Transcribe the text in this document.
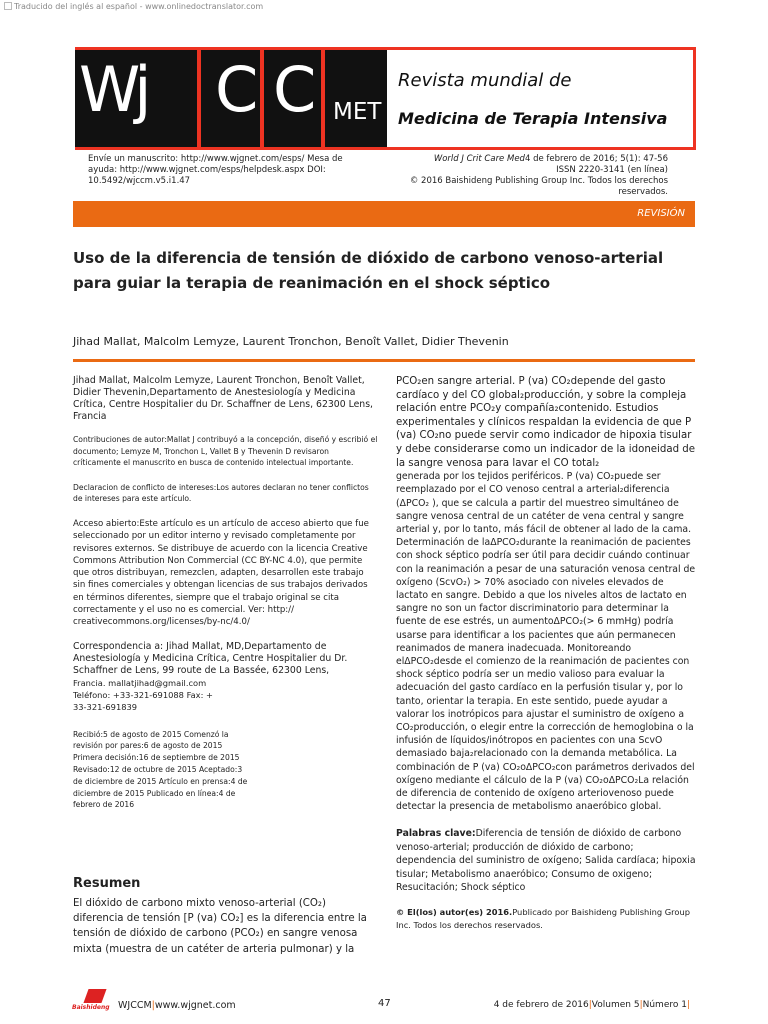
Traducido del inglés al español - www.onlinedoctranslator.com
Wj C C MET
Revista mundial de
Medicina de Terapia Intensiva
Envíe un manuscrito: http://www.wjgnet.com/esps/ Mesa de ayuda: http://www.wjgnet.com/esps/helpdesk.aspx DOI: 10.5492/wjccm.v5.i1.47
World J Crit Care Med4 de febrero de 2016; 5(1): 47-56
ISSN 2220-3141 (en línea)
© 2016 Baishideng Publishing Group Inc. Todos los derechos reservados.
REVISIÓN
Uso de la diferencia de tensión de dióxido de carbono venoso-arterial para guiar la terapia de reanimación en el shock séptico
Jihad Mallat, Malcolm Lemyze, Laurent Tronchon, Benoît Vallet, Didier Thevenin

Jihad Mallat, Malcolm Lemyze, Laurent Tronchon, Benoît Vallet, Didier Thevenin,Departamento de Anestesiología y Medicina Crítica, Centre Hospitalier du Dr. Schaffner de Lens, 62300 Lens, Francia

Contribuciones de autor:Mallat J contribuyó a la concepción, diseñó y escribió el documento; Lemyze M, Tronchon L, Vallet B y Thevenin D revisaron críticamente el manuscrito en busca de contenido intelectual importante.

Declaracion de conflicto de intereses:Los autores declaran no tener conflictos de intereses para este artículo.

Acceso abierto:Este artículo es un artículo de acceso abierto que fue seleccionado por un editor interno y revisado completamente por revisores externos. Se distribuye de acuerdo con la licencia Creative Commons Attribution Non Commercial (CC BY-NC 4.0), que permite que otros distribuyan, remezclen, adapten, desarrollen este trabajo sin fines comerciales y obtengan licencias de sus trabajos derivados en términos diferentes, siempre que el trabajo original se cita correctamente y el uso no es comercial. Ver: http:// creativecommons.org/licenses/by-nc/4.0/

Correspondencia a: Jihad Mallat, MD,Departamento de Anestesiología y Medicina Crítica, Centre Hospitalier du Dr. Schaffner de Lens, 99 route de La Bassée, 62300 Lens,

Francia. mallatjihad@gmail.com

Teléfono: +33-321-691088 Fax: +

33-321-691839

Recibió:5 de agosto de 2015 Comenzó la revisión por pares:6 de agosto de 2015 Primera decisión:16 de septiembre de 2015 Revisado:12 de octubre de 2015 Aceptado:3 de diciembre de 2015 Artículo en prensa:4 de diciembre de 2015 Publicado en línea:4 de febrero de 2016

Resumen

El dióxido de carbono mixto venoso-arterial (CO₂) diferencia de tensión [P (va) CO₂] es la diferencia entre la tensión de dióxido de carbono (PCO₂) en sangre venosa mixta (muestra de un catéter de arteria pulmonar) y la

PCO₂en sangre arterial. P (va) CO₂depende del gasto cardíaco y del CO global₂producción, y sobre la compleja relación entre PCO₂y compañía₂contenido. Estudios experimentales y clínicos respaldan la evidencia de que P (va) CO₂no puede servir como indicador de hipoxia tisular y debe considerarse como un indicador de la idoneidad de la sangre venosa para lavar el CO total₂

generada por los tejidos periféricos. P (va) CO₂puede ser reemplazado por el CO venoso central a arterial₂diferencia (ΔPCO₂ ), que se calcula a partir del muestreo simultáneo de sangre venosa central de un catéter de vena central y sangre arterial y, por lo tanto, más fácil de obtener al lado de la cama. Determinación de laΔPCO₂durante la reanimación de pacientes con shock séptico podría ser útil para decidir cuándo continuar con la reanimación a pesar de una saturación venosa central de oxígeno (ScvO₂) > 70% asociado con niveles elevados de lactato en sangre. Debido a que los niveles altos de lactato en sangre no son un factor discriminatorio para determinar la fuente de ese estrés, un aumentoΔPCO₂(> 6 mmHg) podría usarse para identificar a los pacientes que aún permanecen reanimados de manera inadecuada. Monitoreando elΔPCO₂desde el comienzo de la reanimación de pacientes con shock séptico podría ser un medio valioso para evaluar la adecuación del gasto cardíaco en la perfusión tisular y, por lo tanto, orientar la terapia. En este sentido, puede ayudar a valorar los inotrópicos para ajustar el suministro de oxígeno a CO₂producción, o elegir entre la corrección de hemoglobina o la infusión de líquidos/inótropos en pacientes con una ScvO demasiado baja₂relacionado con la demanda metabólica. La combinación de P (va) CO₂oΔPCO₂con parámetros derivados del oxígeno mediante el cálculo de la P (va) CO₂oΔPCO₂La relación de diferencia de contenido de oxígeno arteriovenoso puede detectar la presencia de metabolismo anaeróbico global.

Palabras clave:Diferencia de tensión de dióxido de carbono venoso-arterial; producción de dióxido de carbono; dependencia del suministro de oxígeno; Salida cardíaca; hipoxia tisular; Metabolismo anaeróbico; Consumo de oxigeno; Resucitación; Shock séptico

© El(los) autor(es) 2016.Publicado por Baishideng Publishing Group Inc. Todos los derechos reservados.

Baishideng WJCCM|www.wjgnet.com	47	4 de febrero de 2016|Volumen 5|Número 1|
